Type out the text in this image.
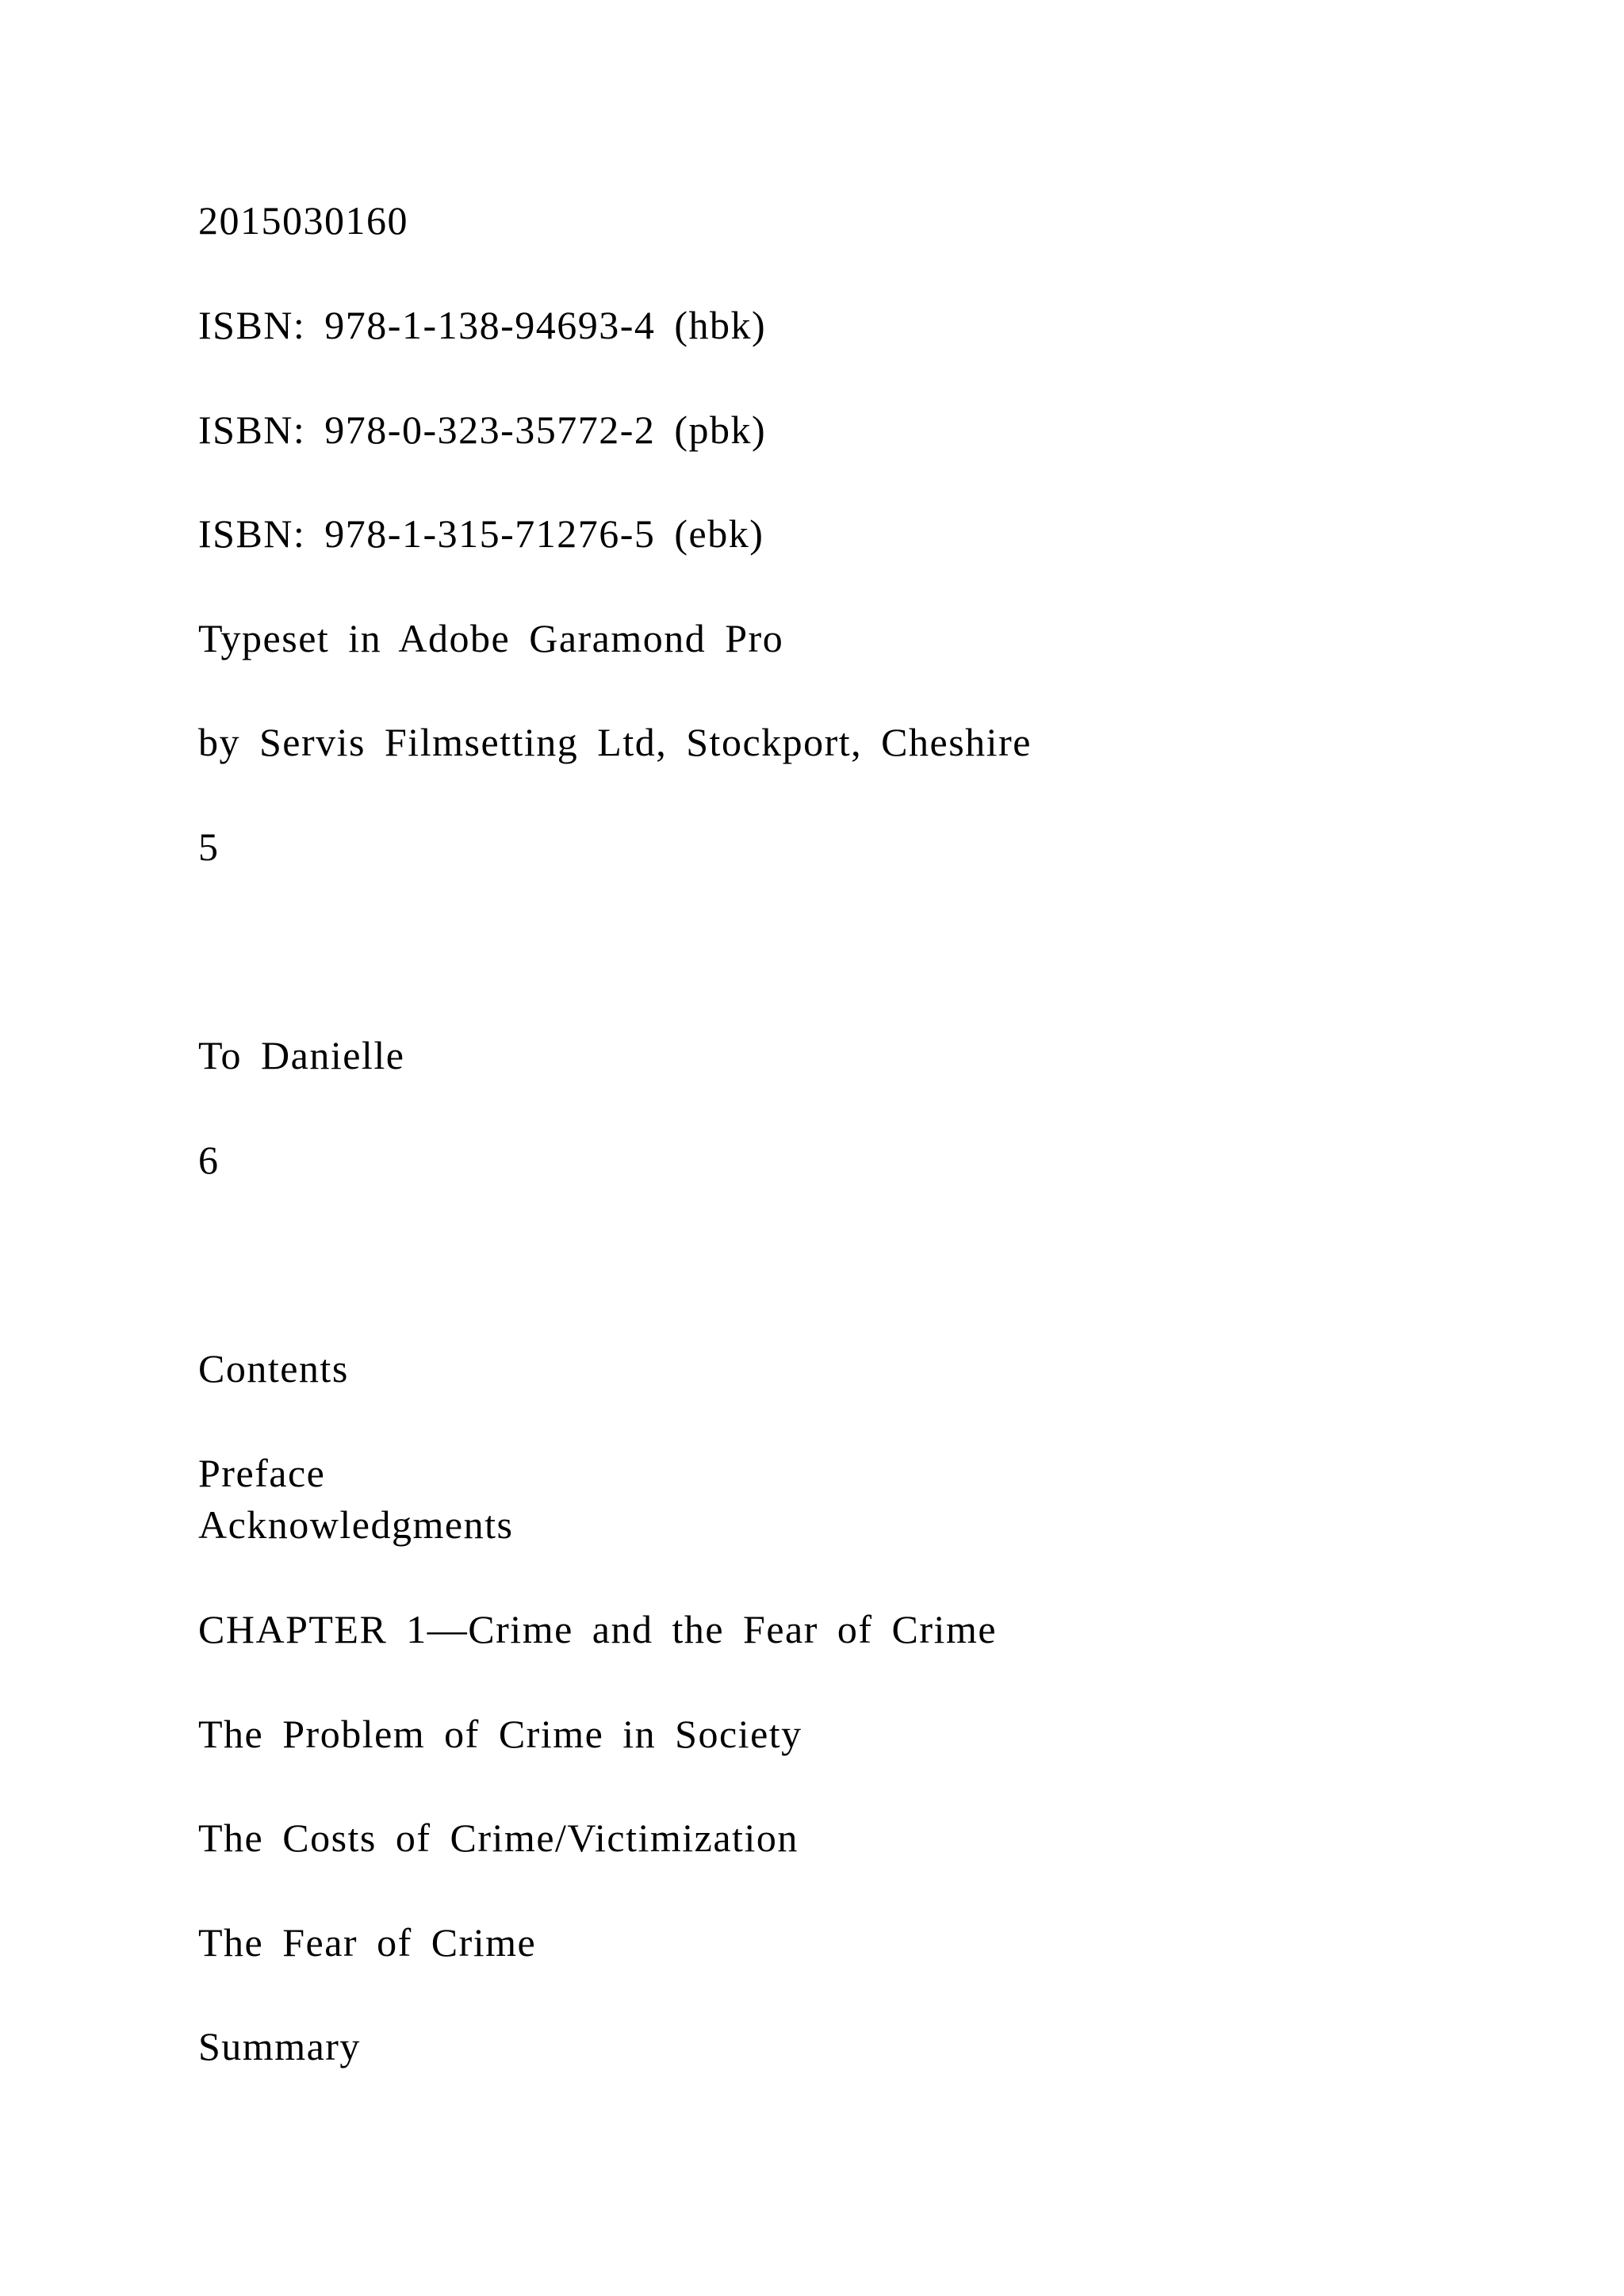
2015030160
ISBN: 978-1-138-94693-4 (hbk)
ISBN: 978-0-323-35772-2 (pbk)
ISBN: 978-1-315-71276-5 (ebk)
Typeset in Adobe Garamond Pro
by Servis Filmsetting Ltd, Stockport, Cheshire
5
To Danielle
6
Contents
Preface
Acknowledgments
CHAPTER 1—Crime and the Fear of Crime
The Problem of Crime in Society
The Costs of Crime/Victimization
The Fear of Crime
Summary
